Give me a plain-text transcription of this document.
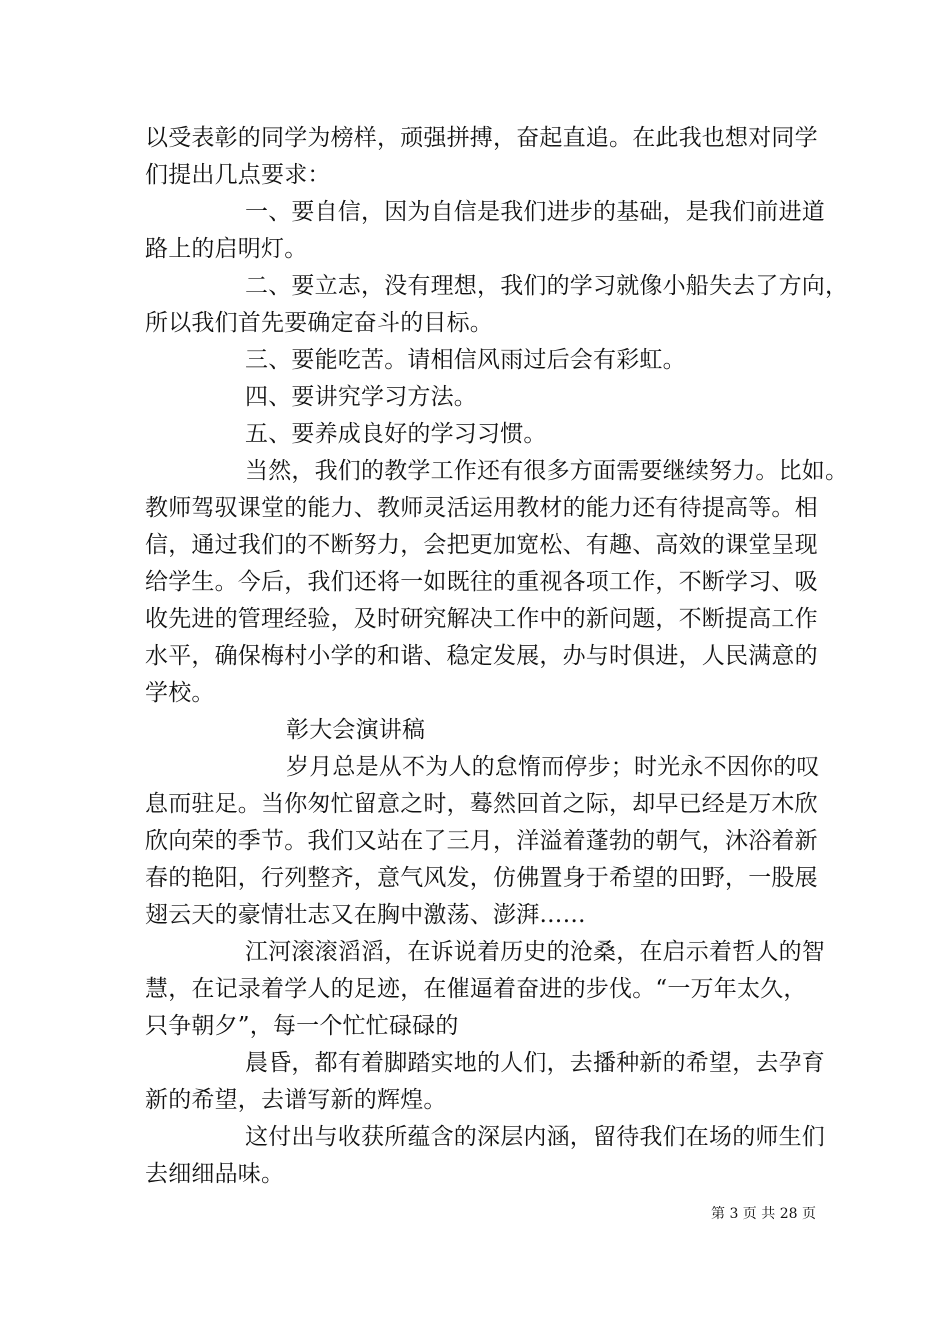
以受表彰的同学为榜样，顽强拼搏，奋起直追。在此我也想对同学
们提出几点要求：
一、要自信，因为自信是我们进步的基础，是我们前进道
路上的启明灯。
二、要立志，没有理想，我们的学习就像小船失去了方向，
所以我们首先要确定奋斗的目标。
三、要能吃苦。请相信风雨过后会有彩虹。
四、要讲究学习方法。
五、要养成良好的学习习惯。
当然，我们的教学工作还有很多方面需要继续努力。比如。
教师驾驭课堂的能力、教师灵活运用教材的能力还有待提高等。相
信，通过我们的不断努力，会把更加宽松、有趣、高效的课堂呈现
给学生。今后，我们还将一如既往的重视各项工作，不断学习、吸
收先进的管理经验，及时研究解决工作中的新问题，不断提高工作
水平，确保梅村小学的和谐、稳定发展，办与时俱进，人民满意的
学校。
彰大会演讲稿
岁月总是从不为人的怠惰而停步；时光永不因你的叹
息而驻足。当你匆忙留意之时，蓦然回首之际，却早已经是万木欣
欣向荣的季节。我们又站在了三月，洋溢着蓬勃的朝气，沐浴着新
春的艳阳，行列整齐，意气风发，仿佛置身于希望的田野，一股展
翅云天的豪情壮志又在胸中激荡、澎湃……
江河滚滚滔滔，在诉说着历史的沧桑，在启示着哲人的智
慧，在记录着学人的足迹，在催逼着奋进的步伐。“一万年太久，
只争朝夕”，每一个忙忙碌碌的
晨昏，都有着脚踏实地的人们，去播种新的希望，去孕育
新的希望，去谱写新的辉煌。
这付出与收获所蕴含的深层内涵，留待我们在场的师生们
去细细品味。
第 3 页 共 28 页
